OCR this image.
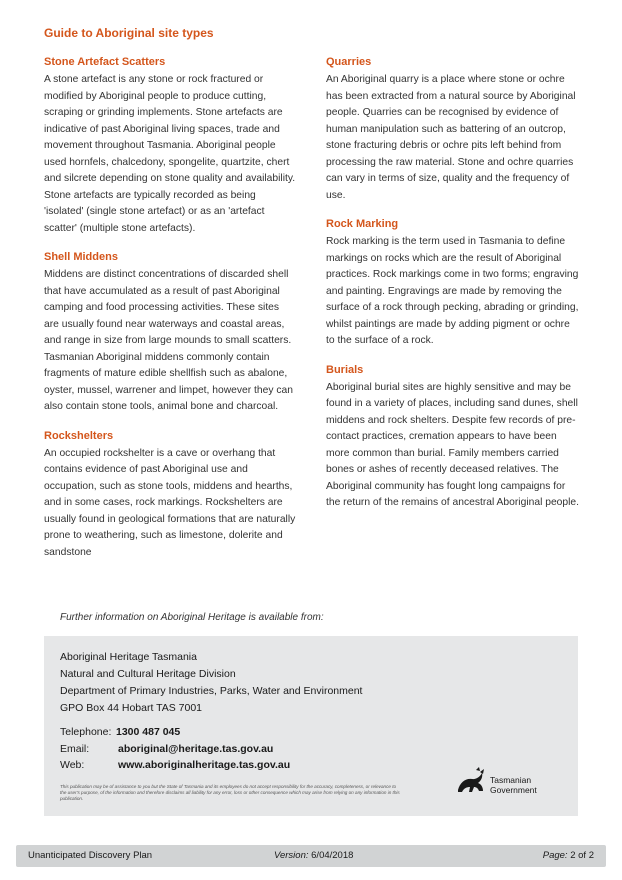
Guide to Aboriginal site types
Stone Artefact Scatters

A stone artefact is any stone or rock fractured or modified by Aboriginal people to produce cutting, scraping or grinding implements. Stone artefacts are indicative of past Aboriginal living spaces, trade and movement throughout Tasmania. Aboriginal people used hornfels, chalcedony, spongelite, quartzite, chert and silcrete depending on stone quality and availability. Stone artefacts are typically recorded as being 'isolated' (single stone artefact) or as an 'artefact scatter' (multiple stone artefacts).

Shell Middens

Middens are distinct concentrations of discarded shell that have accumulated as a result of past Aboriginal camping and food processing activities. These sites are usually found near waterways and coastal areas, and range in size from large mounds to small scatters. Tasmanian Aboriginal middens commonly contain fragments of mature edible shellfish such as abalone, oyster, mussel, warrener and limpet, however they can also contain stone tools, animal bone and charcoal.

Rockshelters

An occupied rockshelter is a cave or overhang that contains evidence of past Aboriginal use and occupation, such as stone tools, middens and hearths, and in some cases, rock markings. Rockshelters are usually found in geological formations that are naturally prone to weathering, such as limestone, dolerite and sandstone

Quarries

An Aboriginal quarry is a place where stone or ochre has been extracted from a natural source by Aboriginal people. Quarries can be recognised by evidence of human manipulation such as battering of an outcrop, stone fracturing debris or ochre pits left behind from processing the raw material. Stone and ochre quarries can vary in terms of size, quality and the frequency of use.

Rock Marking

Rock marking is the term used in Tasmania to define markings on rocks which are the result of Aboriginal practices. Rock markings come in two forms; engraving and painting. Engravings are made by removing the surface of a rock through pecking, abrading or grinding, whilst paintings are made by adding pigment or ochre to the surface of a rock.

Burials

Aboriginal burial sites are highly sensitive and may be found in a variety of places, including sand dunes, shell middens and rock shelters. Despite few records of pre-contact practices, cremation appears to have been more common than burial. Family members carried bones or ashes of recently deceased relatives. The Aboriginal community has fought long campaigns for the return of the remains of ancestral Aboriginal people.

Further information on Aboriginal Heritage is available from:
Aboriginal Heritage Tasmania
Natural and Cultural Heritage Division
Department of Primary Industries, Parks, Water and Environment
GPO Box 44 Hobart TAS 7001
Telephone: 1300 487 045
Email:	aboriginal@heritage.tas.gov.au
Web:	www.aboriginalheritage.tas.gov.au
This publication may be of assistance to you but the State of Tasmania and its employees do not accept responsibility for the accuracy, completeness, or relevance to the user's purpose, of the information and therefore disclaims all liability for any error, loss or other consequence which may arise from relying on any information in this publication.
Tasmanian
Government
Unanticipated Discovery Plan	Version: 6/04/2018	Page: 2 of 2
